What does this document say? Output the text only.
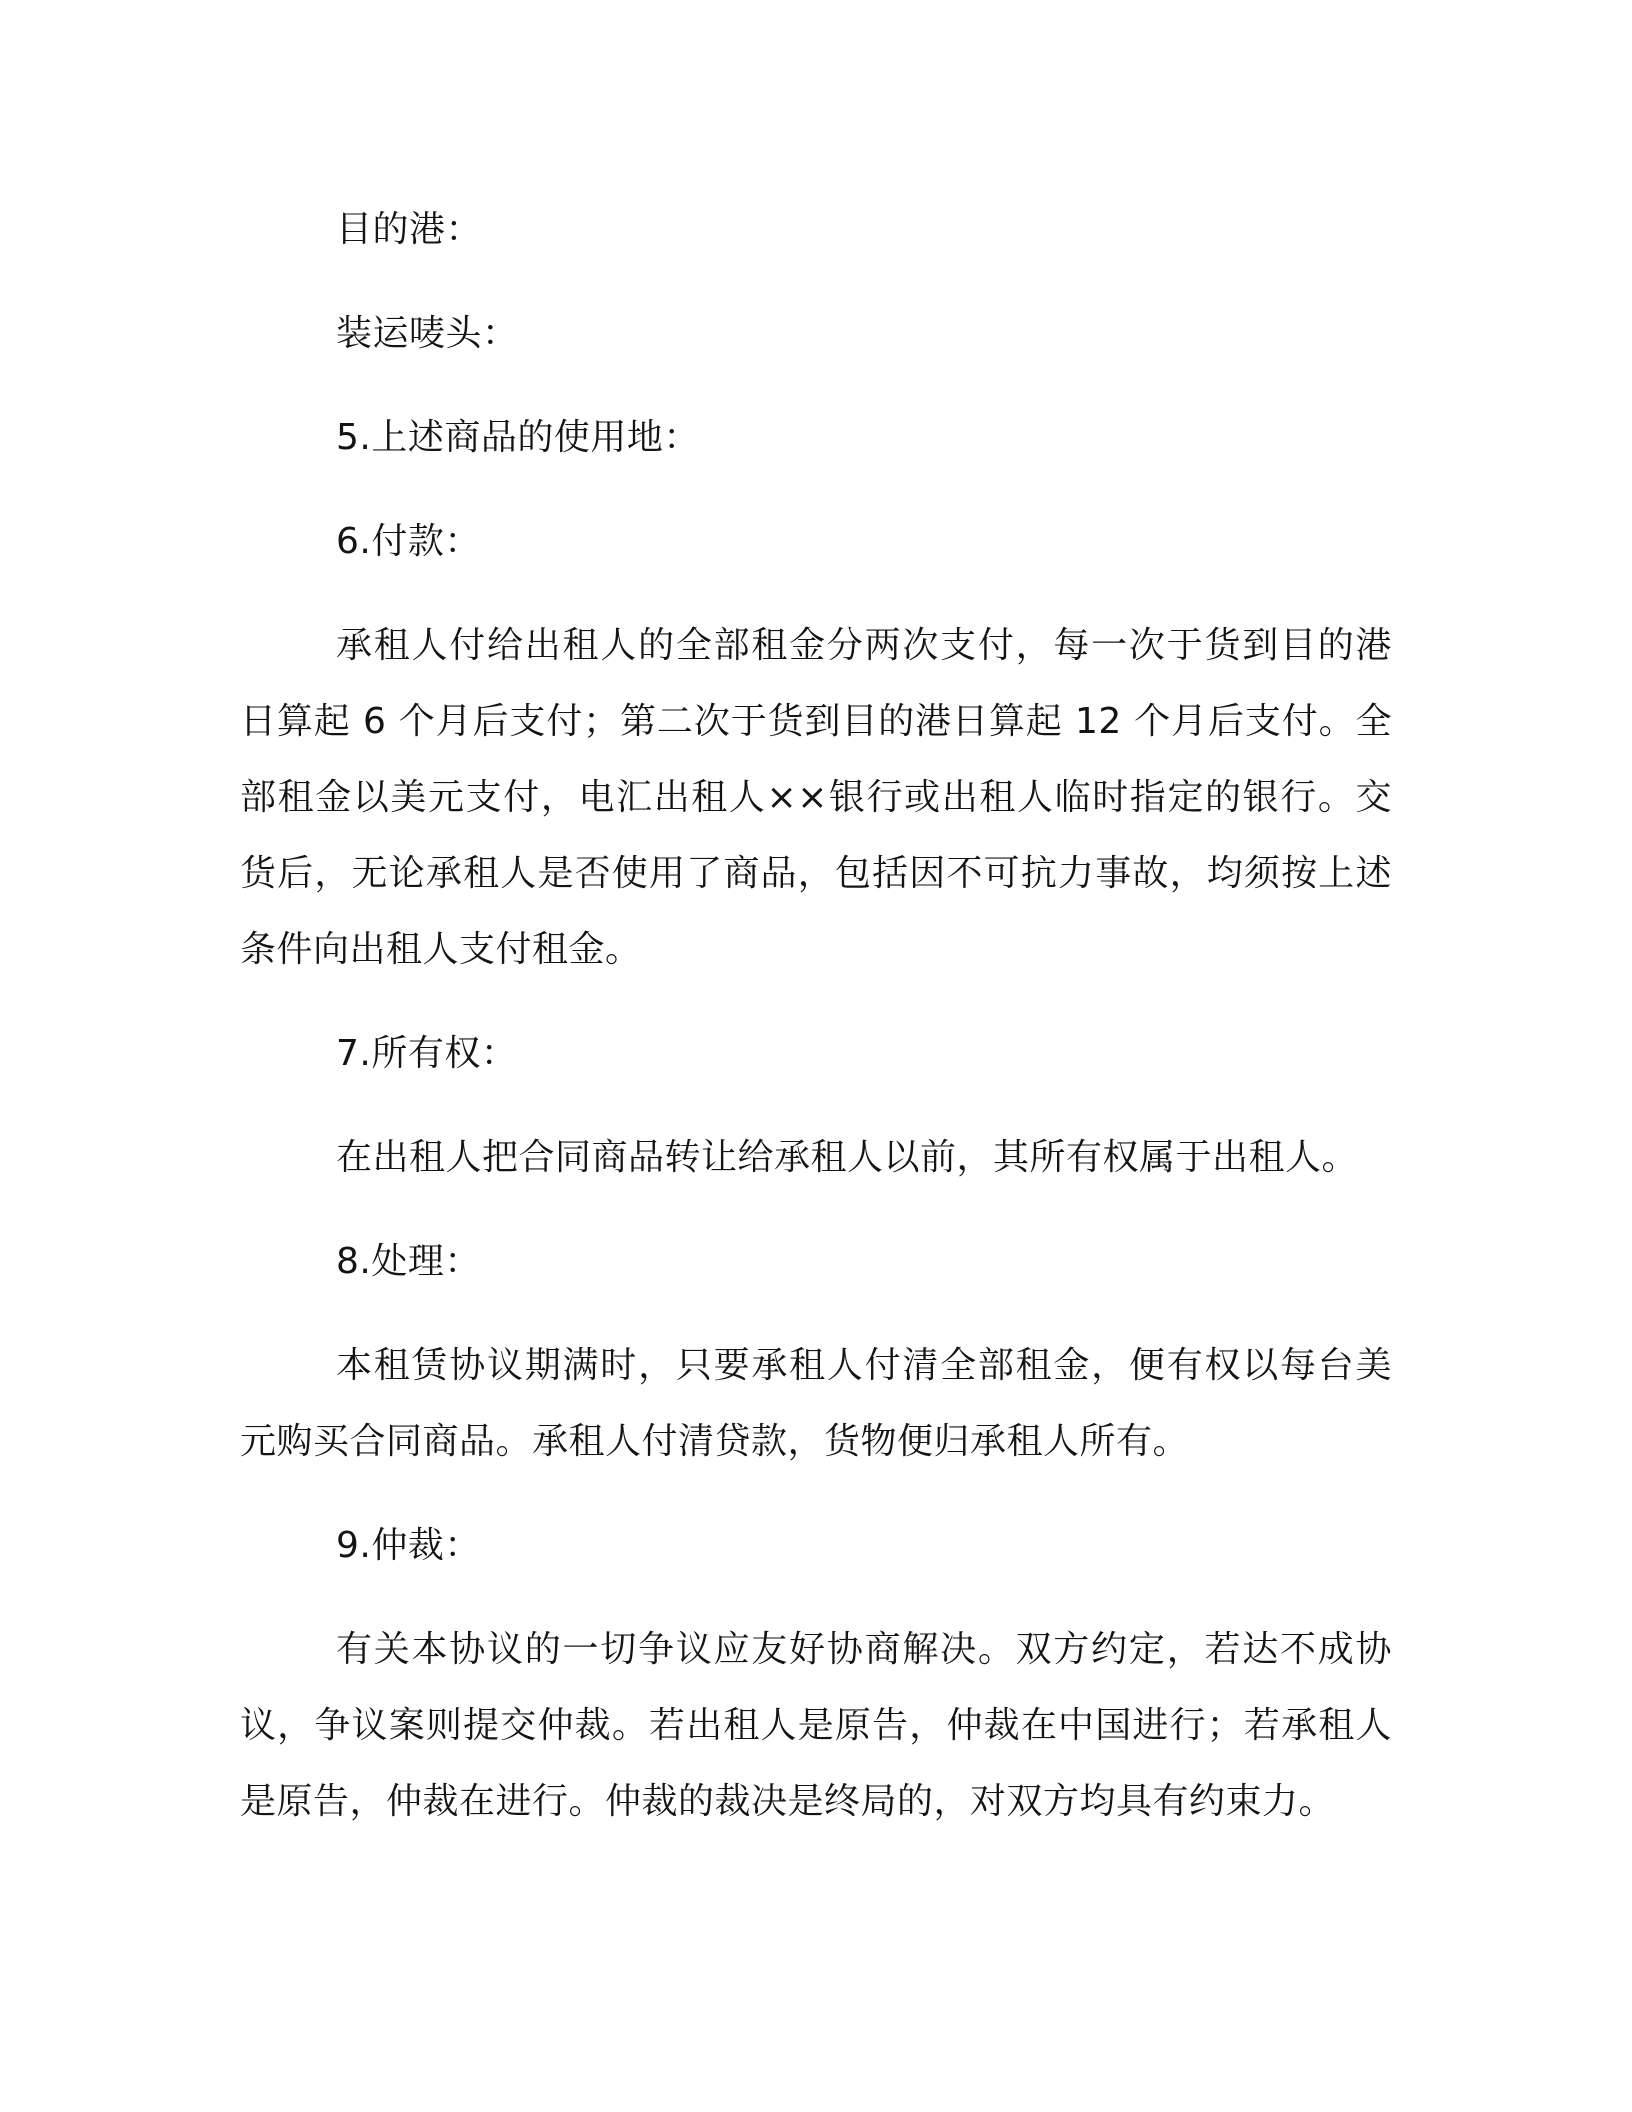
目的港：

装运唛头：

5.上述商品的使用地：

6.付款：

承租人付给出租人的全部租金分两次支付，每一次于货到目的港日算起 6 个月后支付；第二次于货到目的港日算起 12 个月后支付。全部租金以美元支付，电汇出租人××银行或出租人临时指定的银行。交货后，无论承租人是否使用了商品，包括因不可抗力事故，均须按上述条件向出租人支付租金。

7.所有权：

在出租人把合同商品转让给承租人以前，其所有权属于出租人。

8.处理：

本租赁协议期满时，只要承租人付清全部租金，便有权以每台美元购买合同商品。承租人付清贷款，货物便归承租人所有。

9.仲裁：

有关本协议的一切争议应友好协商解决。双方约定，若达不成协议，争议案则提交仲裁。若出租人是原告，仲裁在中国进行；若承租人是原告，仲裁在进行。仲裁的裁决是终局的，对双方均具有约束力。
